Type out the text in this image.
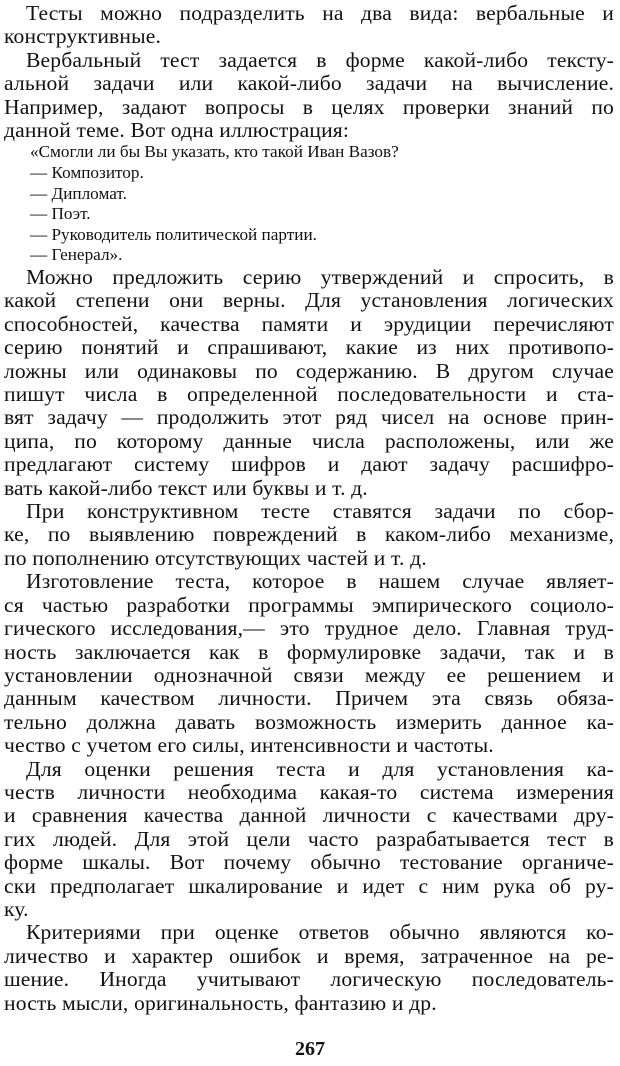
Тесты можно подразделить на два вида: вербальные и
конструктивные.

Вербальный тест задается в форме какой-либо тексту-
альной задачи или какой-либо задачи на вычисление.
Например, задают вопросы в целях проверки знаний по
данной теме. Вот одна иллюстрация:

«Смогли ли бы Вы указать, кто такой Иван Вазов?
— Композитор.
— Дипломат.
— Поэт.
— Руководитель политической партии.
— Генерал».

Можно предложить серию утверждений и спросить, в
какой степени они верны. Для установления логических
способностей, качества памяти и эрудиции перечисляют
серию понятий и спрашивают, какие из них противопо-
ложны или одинаковы по содержанию. В другом случае
пишут числа в определенной последовательности и ста-
вят задачу — продолжить этот ряд чисел на основе прин-
ципа, по которому данные числа расположены, или же
предлагают систему шифров и дают задачу расшифро-
вать какой-либо текст или буквы и т. д.

При конструктивном тесте ставятся задачи по сбор-
ке, по выявлению повреждений в каком-либо механизме,
по пополнению отсутствующих частей и т. д.

Изготовление теста, которое в нашем случае являет-
ся частью разработки программы эмпирического социоло-
гического исследования,— это трудное дело. Главная труд-
ность заключается как в формулировке задачи, так и в
установлении однозначной связи между ее решением и
данным качеством личности. Причем эта связь обяза-
тельно должна давать возможность измерить данное ка-
чество с учетом его силы, интенсивности и частоты.

Для оценки решения теста и для установления ка-
честв личности необходима какая-то система измерения
и сравнения качества данной личности с качествами дру-
гих людей. Для этой цели часто разрабатывается тест в
форме шкалы. Вот почему обычно тестование органиче-
ски предполагает шкалирование и идет с ним рука об ру-
ку.

Критериями при оценке ответов обычно являются ко-
личество и характер ошибок и время, затраченное на ре-
шение. Иногда учитывают логическую последователь-
ность мысли, оригинальность, фантазию и др.

267
